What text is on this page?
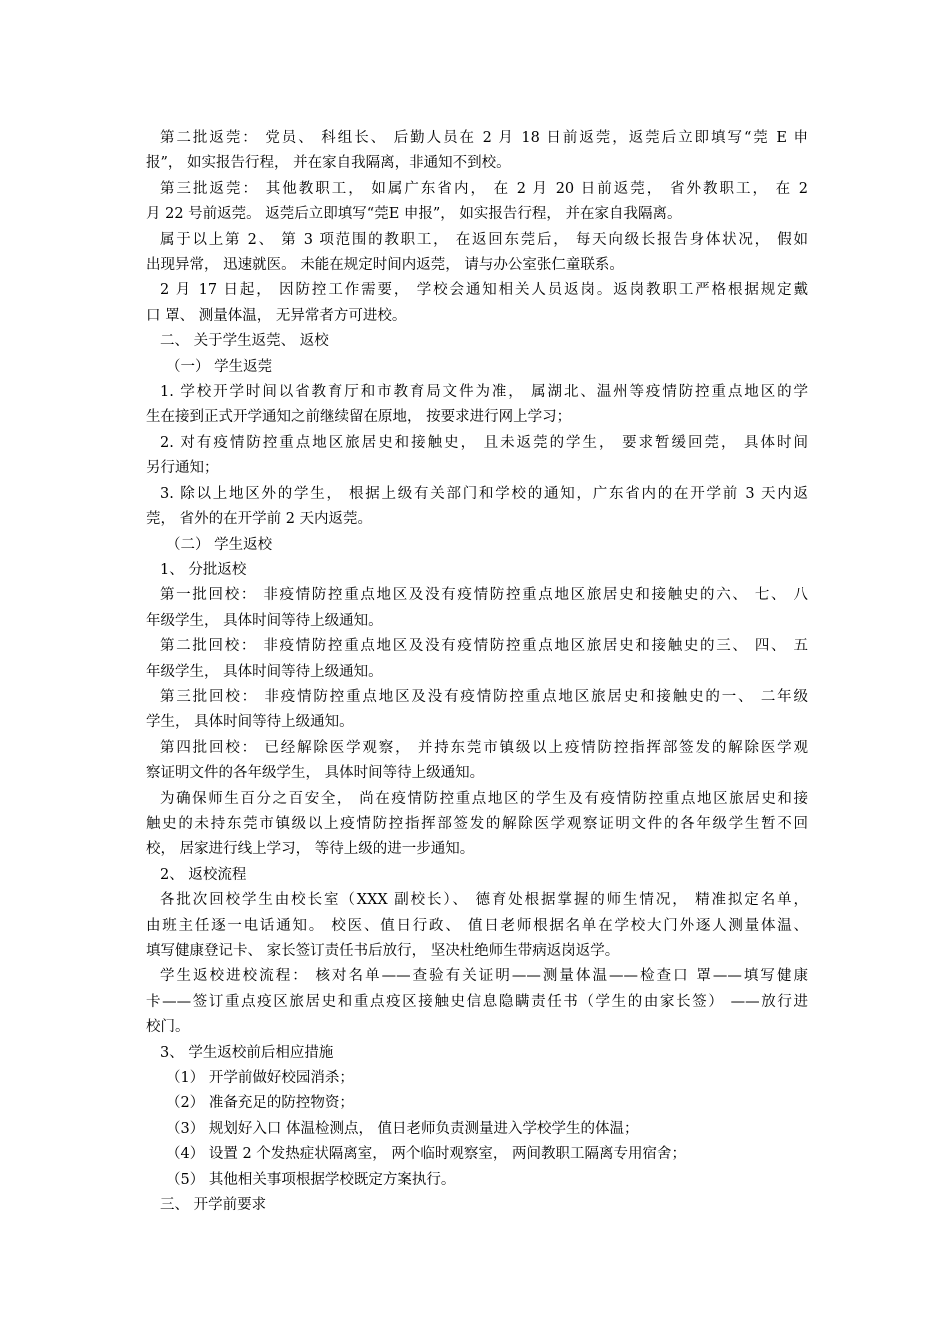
第二批返莞： 党员、 科组长、 后勤人员在 2 月 18 日前返莞，返莞后立即填写“莞 E 申

报”， 如实报告行程， 并在家自我隔离，非通知不到校。

第三批返莞： 其他教职工， 如属广东省内， 在 2 月 20 日前返莞， 省外教职工， 在 2

月 22 号前返莞。 返莞后立即填写“莞E 申报”， 如实报告行程， 并在家自我隔离。

属于以上第 2、 第 3 项范围的教职工， 在返回东莞后， 每天向级长报告身体状况， 假如

出现异常， 迅速就医。 未能在规定时间内返莞， 请与办公室张仁童联系。

2 月 17 日起， 因防控工作需要， 学校会通知相关人员返岗。返岗教职工严格根据规定戴

口 罩、 测量体温， 无异常者方可进校。

二、 关于学生返莞、 返校

（一） 学生返莞

1. 学校开学时间以省教育厅和市教育局文件为准， 属湖北、温州等疫情防控重点地区的学

生在接到正式开学通知之前继续留在原地， 按要求进行网上学习；

2. 对有疫情防控重点地区旅居史和接触史， 且未返莞的学生， 要求暂缓回莞， 具体时间

另行通知；

3. 除以上地区外的学生， 根据上级有关部门和学校的通知，广东省内的在开学前 3 天内返

莞， 省外的在开学前 2 天内返莞。

（二） 学生返校

1、 分批返校

第一批回校： 非疫情防控重点地区及没有疫情防控重点地区旅居史和接触史的六、 七、 八

年级学生， 具体时间等待上级通知。

第二批回校： 非疫情防控重点地区及没有疫情防控重点地区旅居史和接触史的三、 四、 五

年级学生， 具体时间等待上级通知。

第三批回校： 非疫情防控重点地区及没有疫情防控重点地区旅居史和接触史的一、 二年级

学生， 具体时间等待上级通知。

第四批回校： 已经解除医学观察， 并持东莞市镇级以上疫情防控指挥部签发的解除医学观

察证明文件的各年级学生， 具体时间等待上级通知。

为确保师生百分之百安全， 尚在疫情防控重点地区的学生及有疫情防控重点地区旅居史和接

触史的未持东莞市镇级以上疫情防控指挥部签发的解除医学观察证明文件的各年级学生暂不回

校， 居家进行线上学习， 等待上级的进一步通知。

2、 返校流程

各批次回校学生由校长室（XXX 副校长）、 德育处根据掌握的师生情况， 精准拟定名单，

由班主任逐一电话通知。 校医、值日行政、 值日老师根据名单在学校大门外逐人测量体温、

填写健康登记卡、 家长签订责任书后放行， 坚决杜绝师生带病返岗返学。

学生返校进校流程： 核对名单——查验有关证明——测量体温——检查口 罩——填写健康

卡——签订重点疫区旅居史和重点疫区接触史信息隐瞒责任书（学生的由家长签） ——放行进

校门。

3、 学生返校前后相应措施

（1） 开学前做好校园消杀；

（2） 准备充足的防控物资；

（3） 规划好入口 体温检测点， 值日老师负责测量进入学校学生的体温；

（4） 设置 2 个发热症状隔离室， 两个临时观察室， 两间教职工隔离专用宿舍；

（5） 其他相关事项根据学校既定方案执行。

三、 开学前要求
